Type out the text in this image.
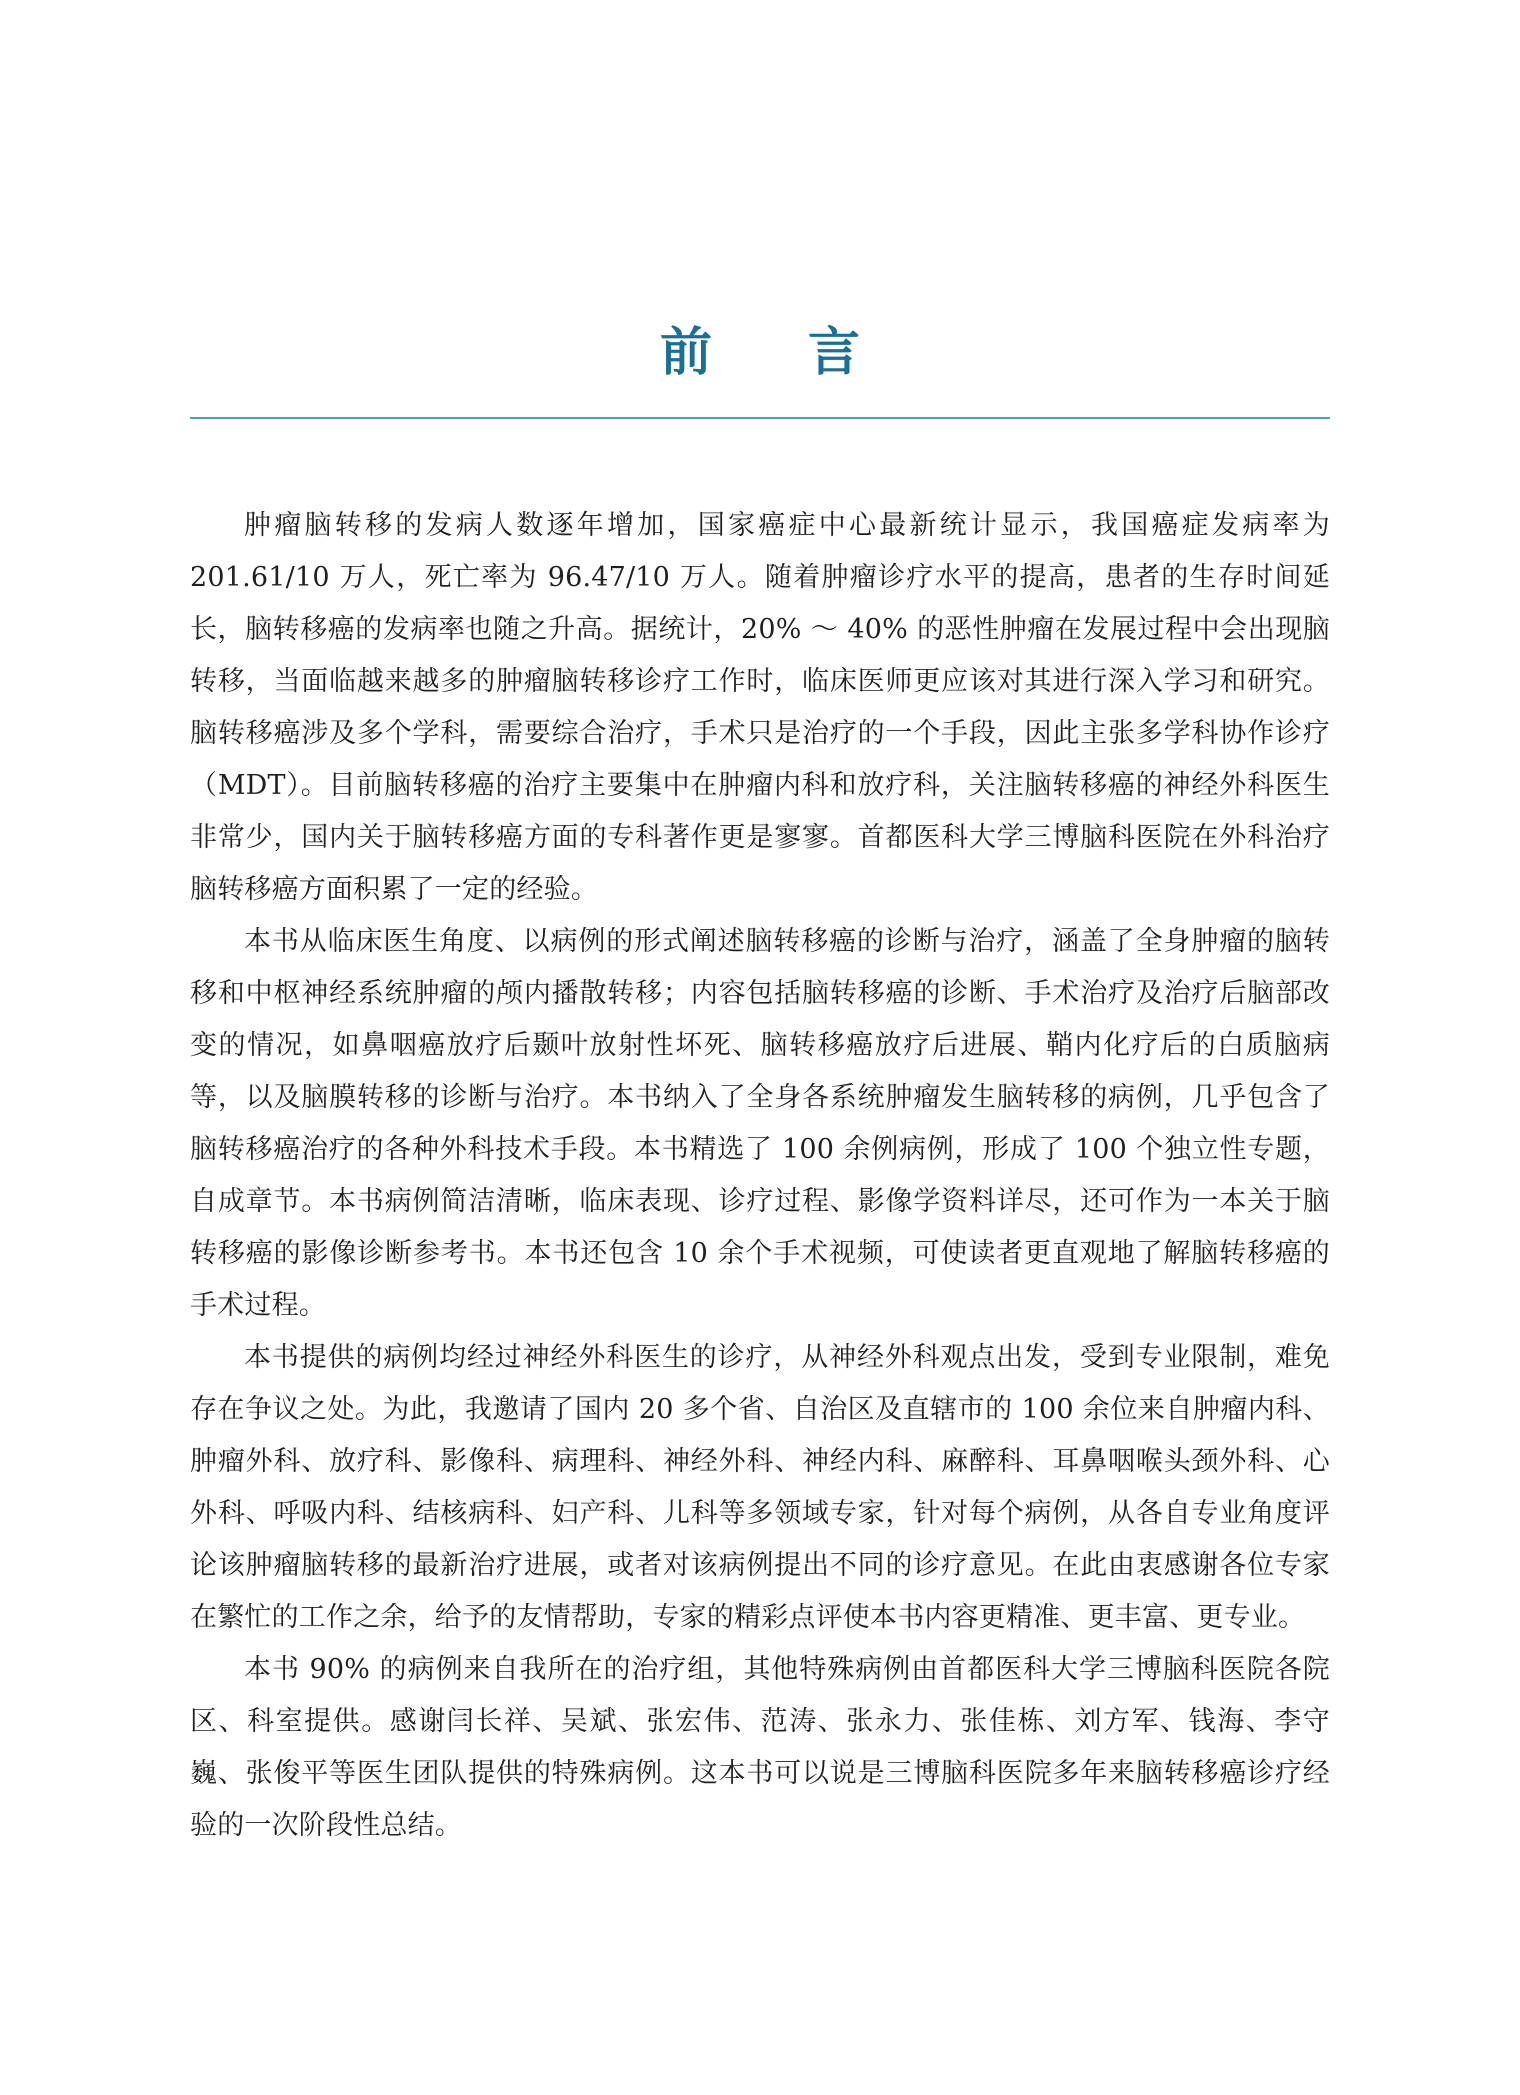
前 言

肿瘤脑转移的发病人数逐年增加，国家癌症中心最新统计显示，我国癌症发病率为 201.61/10 万人，死亡率为 96.47/10 万人。随着肿瘤诊疗水平的提高，患者的生存时间延长，脑转移癌的发病率也随之升高。据统计，20% ～ 40% 的恶性肿瘤在发展过程中会出现脑转移，当面临越来越多的肿瘤脑转移诊疗工作时，临床医师更应该对其进行深入学习和研究。脑转移癌涉及多个学科，需要综合治疗，手术只是治疗的一个手段，因此主张多学科协作诊疗（MDT）。目前脑转移癌的治疗主要集中在肿瘤内科和放疗科，关注脑转移癌的神经外科医生非常少，国内关于脑转移癌方面的专科著作更是寥寥。首都医科大学三博脑科医院在外科治疗脑转移癌方面积累了一定的经验。

本书从临床医生角度、以病例的形式阐述脑转移癌的诊断与治疗，涵盖了全身肿瘤的脑转移和中枢神经系统肿瘤的颅内播散转移；内容包括脑转移癌的诊断、手术治疗及治疗后脑部改变的情况，如鼻咽癌放疗后颞叶放射性坏死、脑转移癌放疗后进展、鞘内化疗后的白质脑病等，以及脑膜转移的诊断与治疗。本书纳入了全身各系统肿瘤发生脑转移的病例，几乎包含了脑转移癌治疗的各种外科技术手段。本书精选了 100 余例病例，形成了 100 个独立性专题，自成章节。本书病例简洁清晰，临床表现、诊疗过程、影像学资料详尽，还可作为一本关于脑转移癌的影像诊断参考书。本书还包含 10 余个手术视频，可使读者更直观地了解脑转移癌的手术过程。

本书提供的病例均经过神经外科医生的诊疗，从神经外科观点出发，受到专业限制，难免存在争议之处。为此，我邀请了国内 20 多个省、自治区及直辖市的 100 余位来自肿瘤内科、肿瘤外科、放疗科、影像科、病理科、神经外科、神经内科、麻醉科、耳鼻咽喉头颈外科、心外科、呼吸内科、结核病科、妇产科、儿科等多领域专家，针对每个病例，从各自专业角度评论该肿瘤脑转移的最新治疗进展，或者对该病例提出不同的诊疗意见。在此由衷感谢各位专家在繁忙的工作之余，给予的友情帮助，专家的精彩点评使本书内容更精准、更丰富、更专业。

本书 90% 的病例来自我所在的治疗组，其他特殊病例由首都医科大学三博脑科医院各院区、科室提供。感谢闫长祥、吴斌、张宏伟、范涛、张永力、张佳栋、刘方军、钱海、李守巍、张俊平等医生团队提供的特殊病例。这本书可以说是三博脑科医院多年来脑转移癌诊疗经验的一次阶段性总结。
